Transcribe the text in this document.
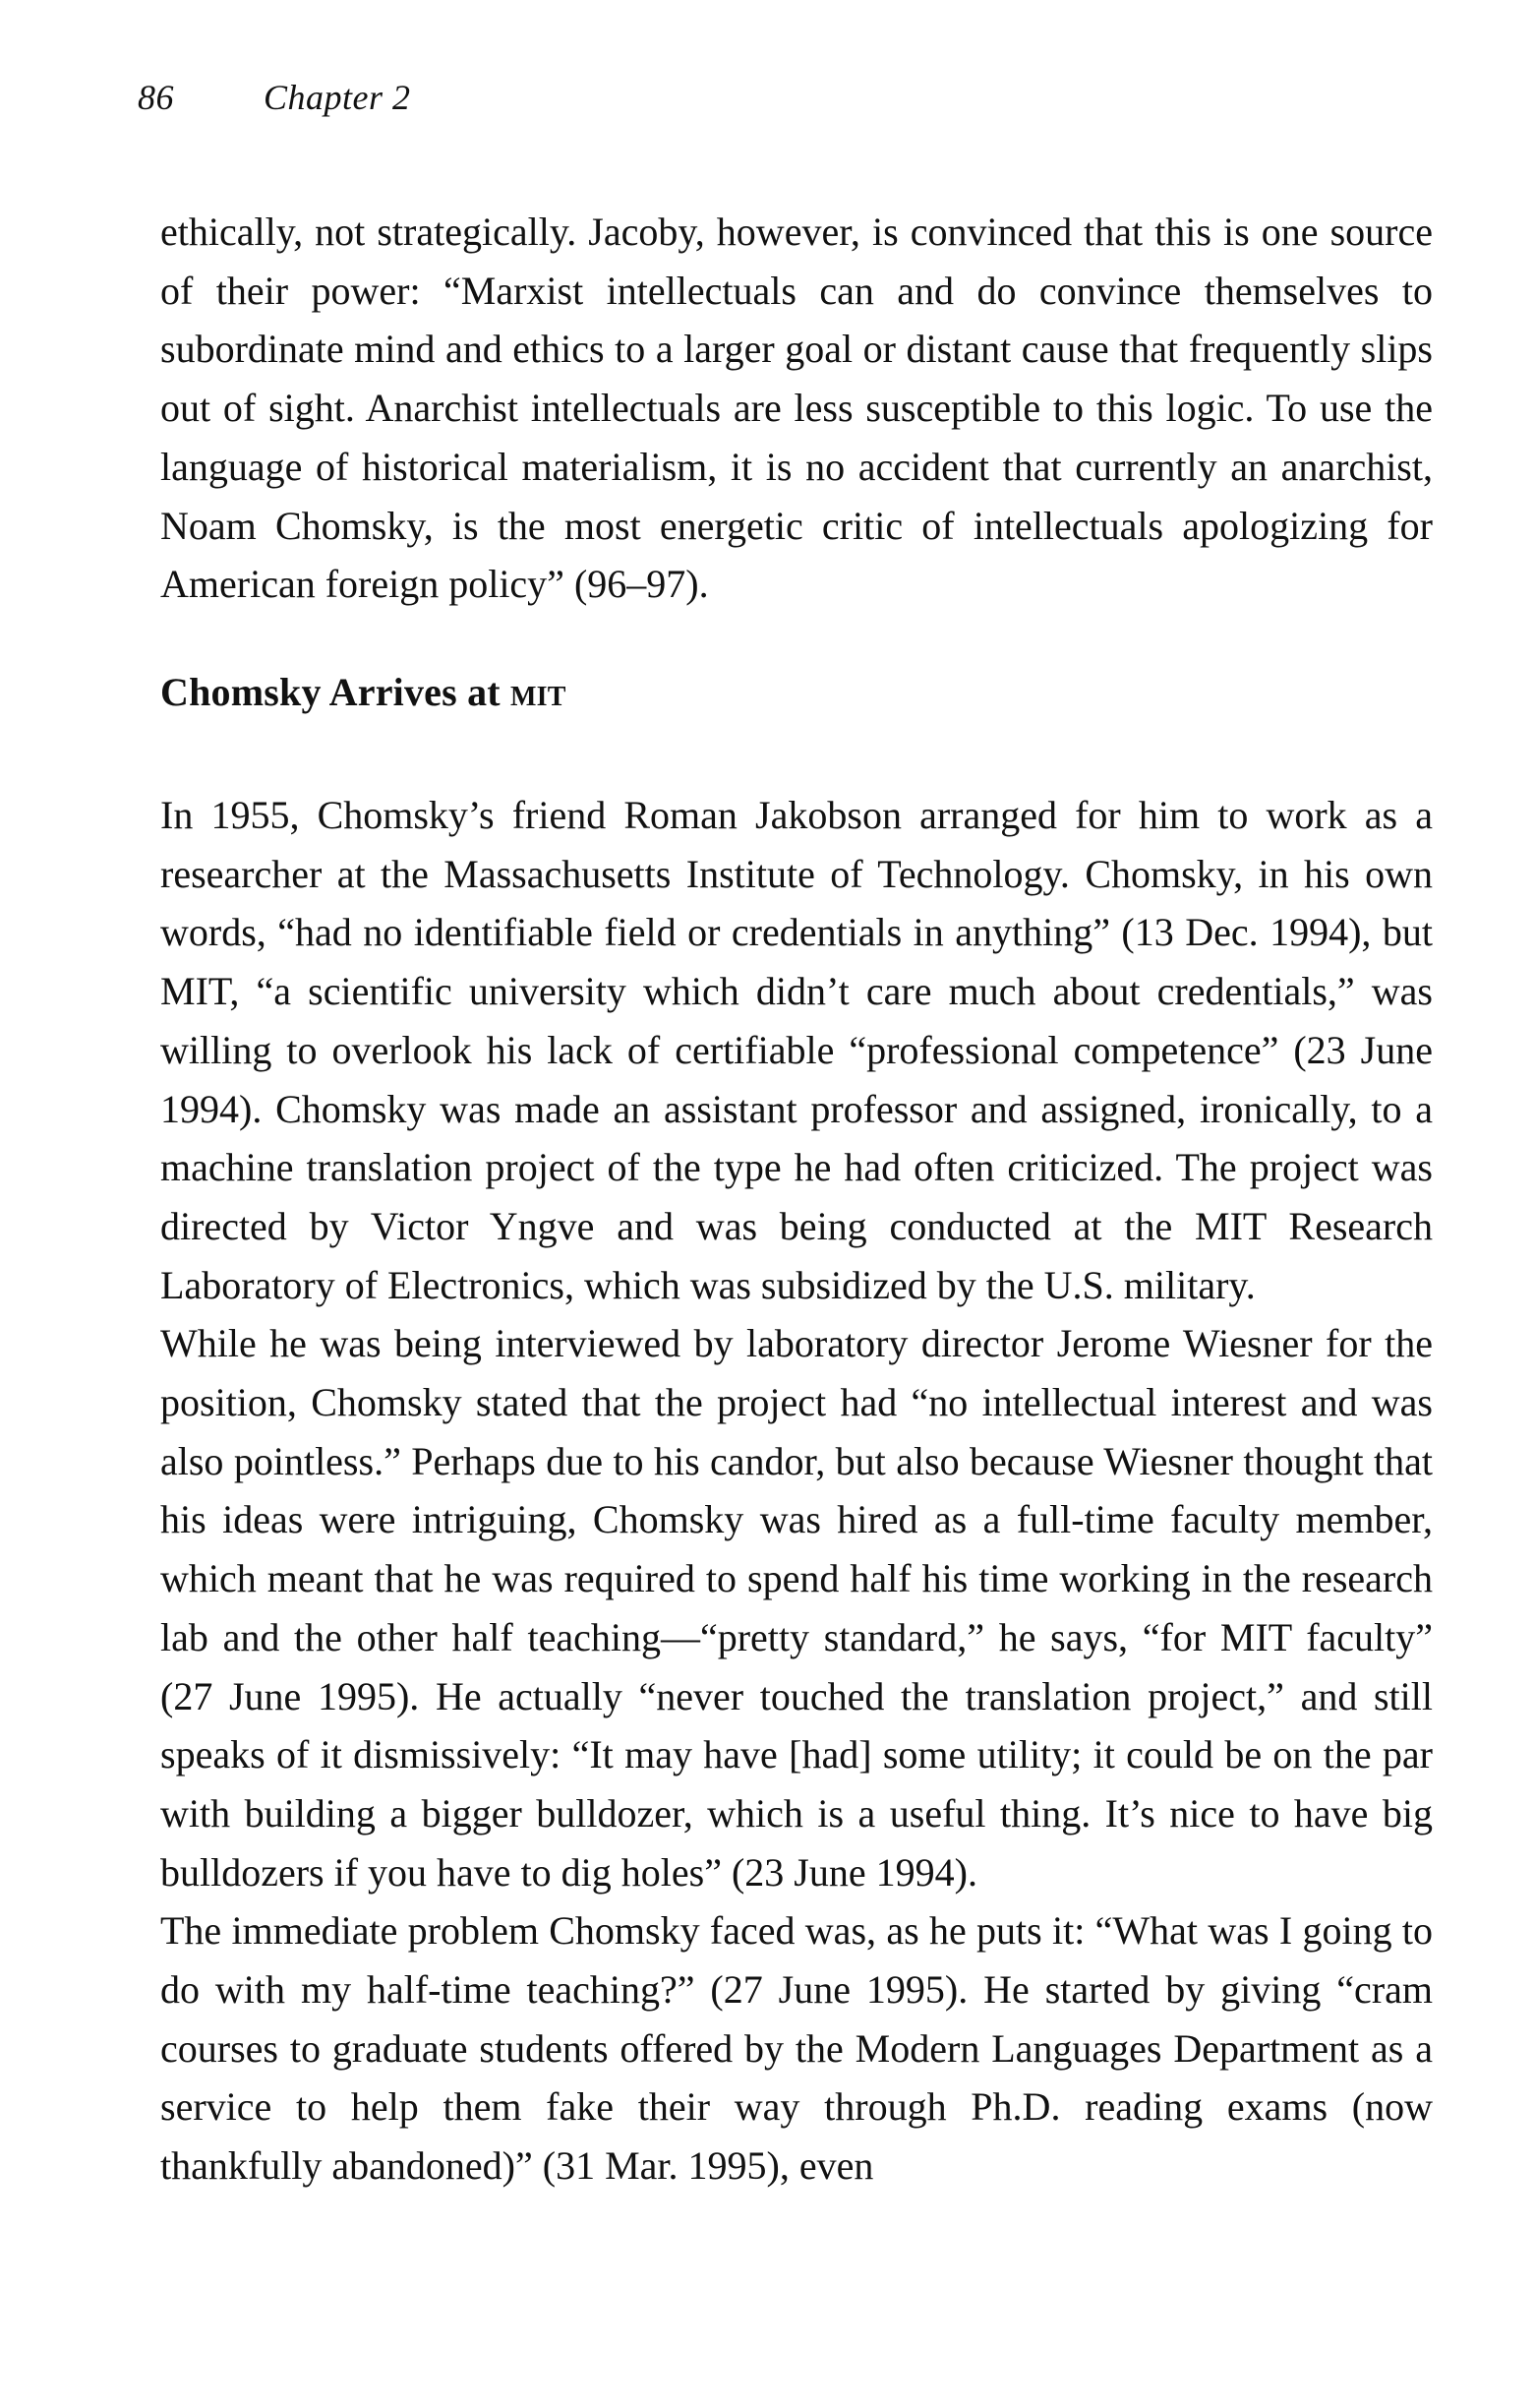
86	Chapter 2

ethically, not strategically. Jacoby, however, is convinced that this is one source of their power: “Marxist intellectuals can and do convince themselves to subordinate mind and ethics to a larger goal or distant cause that frequently slips out of sight. Anarchist intellectuals are less susceptible to this logic. To use the language of historical materialism, it is no accident that currently an anarchist, Noam Chomsky, is the most energetic critic of intellectuals apologizing for American foreign policy” (96–97).

Chomsky Arrives at mit

In 1955, Chomsky’s friend Roman Jakobson arranged for him to work as a researcher at the Massachusetts Institute of Technology. Chomsky, in his own words, “had no identifiable field or credentials in anything” (13 Dec. 1994), but MIT, “a scientific university which didn’t care much about credentials,” was willing to overlook his lack of certifiable “professional competence” (23 June 1994). Chomsky was made an assistant professor and assigned, ironically, to a machine translation project of the type he had often criticized. The project was directed by Victor Yngve and was being conducted at the MIT Research Laboratory of Electronics, which was subsidized by the U.S. military.

While he was being interviewed by laboratory director Jerome Wiesner for the position, Chomsky stated that the project had “no intellectual interest and was also pointless.” Perhaps due to his candor, but also because Wiesner thought that his ideas were intriguing, Chomsky was hired as a full-time faculty member, which meant that he was required to spend half his time working in the research lab and the other half teaching—“pretty standard,” he says, “for MIT faculty” (27 June 1995). He actually “never touched the translation project,” and still speaks of it dismissively: “It may have [had] some utility; it could be on the par with building a bigger bulldozer, which is a useful thing. It’s nice to have big bulldozers if you have to dig holes” (23 June 1994).

The immediate problem Chomsky faced was, as he puts it: “What was I going to do with my half-time teaching?” (27 June 1995). He started by giving “cram courses to graduate students offered by the Modern Languages Department as a service to help them fake their way through Ph.D. reading exams (now thankfully abandoned)” (31 Mar. 1995), even
